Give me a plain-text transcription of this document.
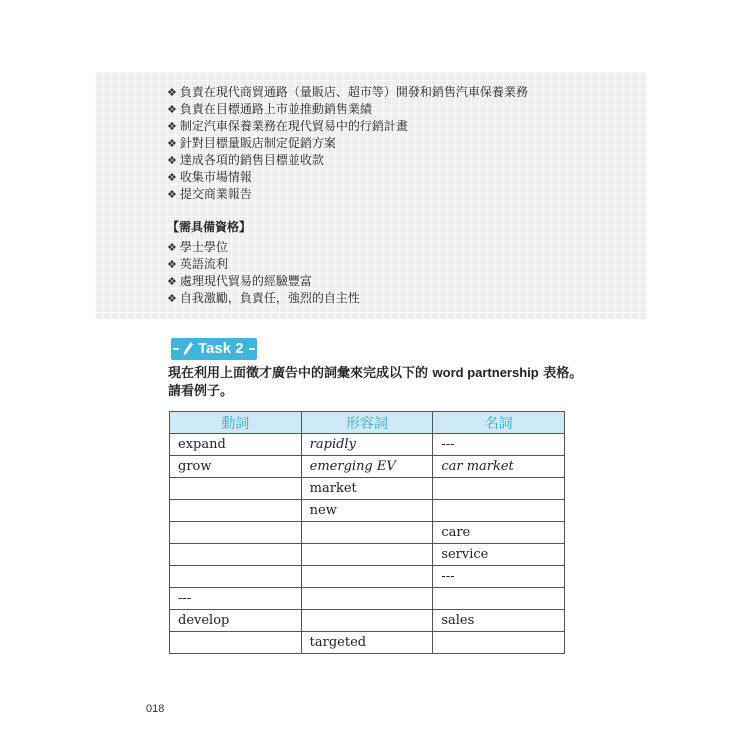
❖ 負責在現代商貿通路（量販店、超市等）開發和銷售汽車保養業務
❖ 負責在目標通路上市並推動銷售業績
❖ 制定汽車保養業務在現代貿易中的行銷計畫
❖ 針對目標量販店制定促銷方案
❖ 達成各項的銷售目標並收款
❖ 收集市場情報
❖ 提交商業報告
【需具備資格】
❖ 學士學位
❖ 英語流利
❖ 處理現代貿易的經驗豐富
❖ 自我激勵，負責任，強烈的自主性
Task 2
現在利用上面徵才廣告中的詞彙來完成以下的 word partnership 表格。
請看例子。
動詞	形容詞	名詞
expand	rapidly	---
grow	emerging EV	car market
	market	
	new	
		care
		service
		---
---		
develop		sales
	targeted	
018
